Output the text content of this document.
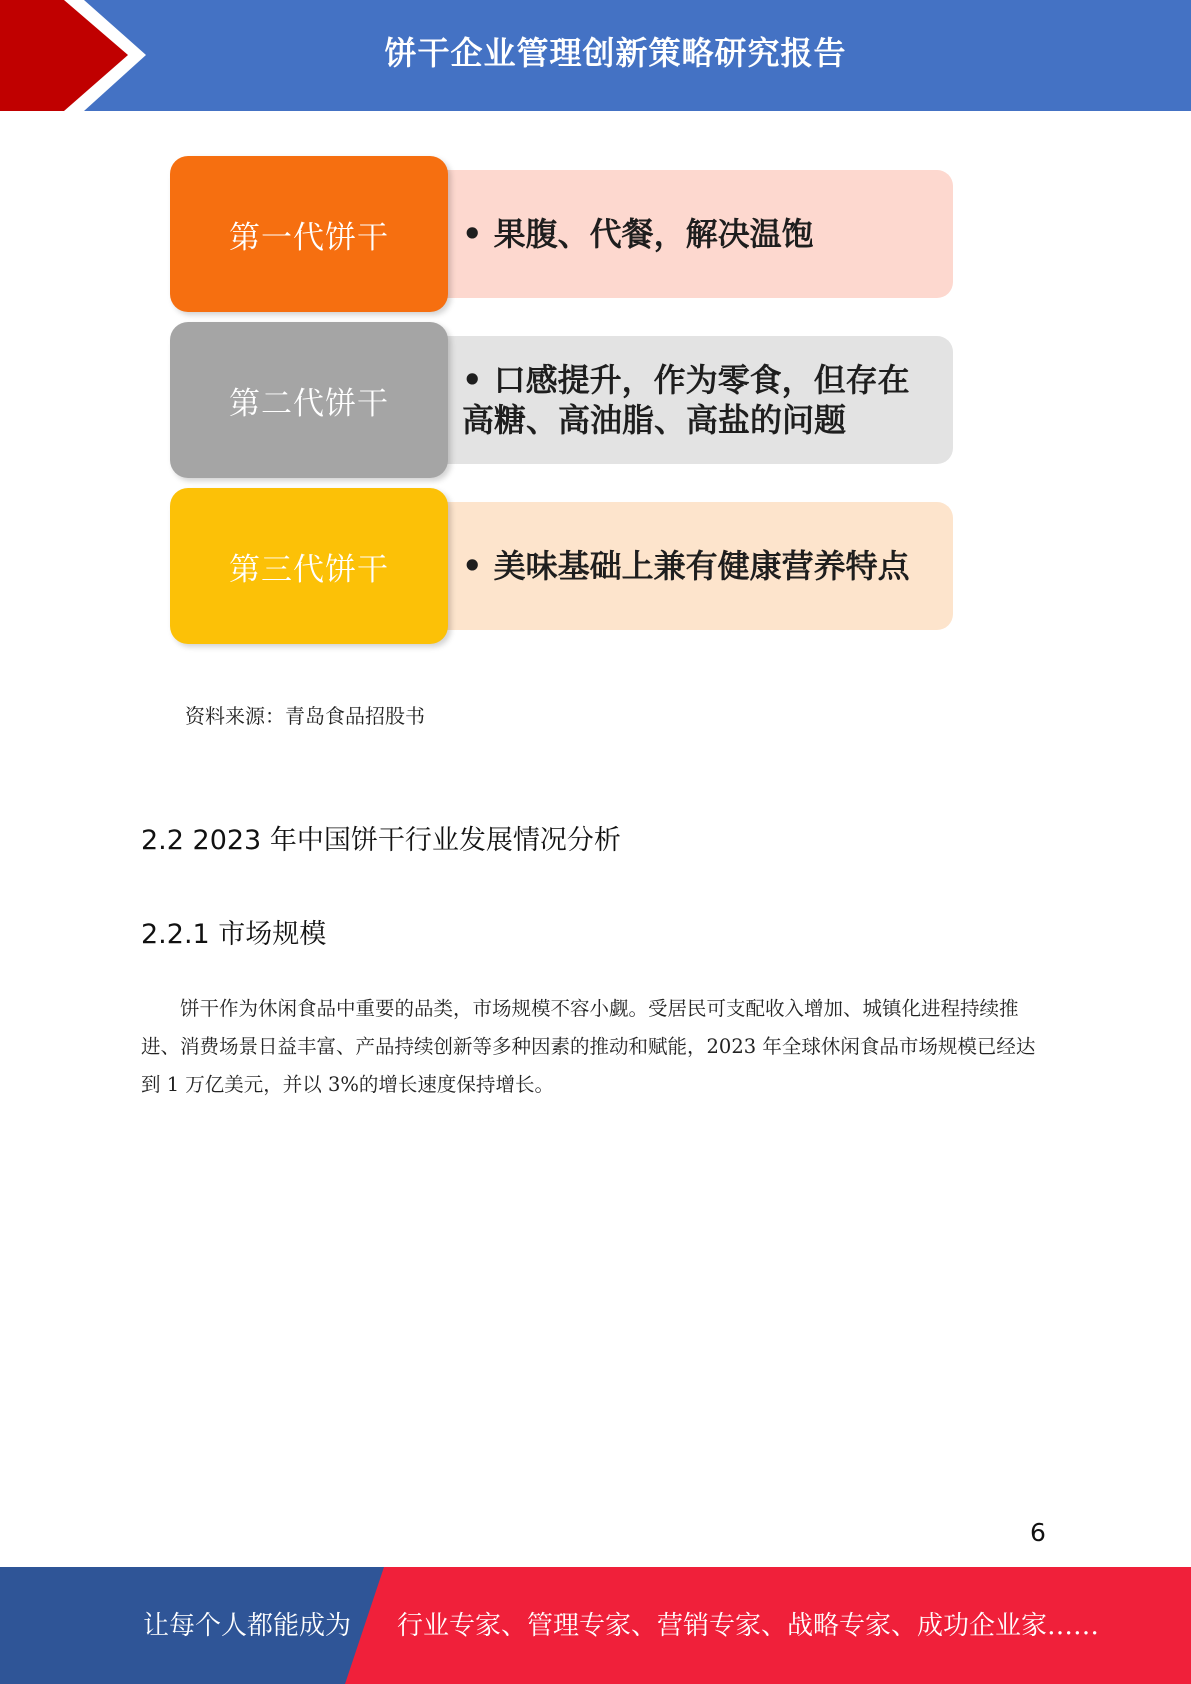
饼干企业管理创新策略研究报告
• 果腹、代餐，解决温饱
第一代饼干
• 口感提升，作为零食，但存在
高糖、高油脂、高盐的问题
第二代饼干
• 美味基础上兼有健康营养特点
第三代饼干
资料来源：青岛食品招股书
2.2 2023 年中国饼干行业发展情况分析
2.2.1 市场规模
饼干作为休闲食品中重要的品类，市场规模不容小觑。受居民可支配收入增加、城镇化进程持续推进、消费场景日益丰富、产品持续创新等多种因素的推动和赋能，2023 年全球休闲食品市场规模已经达到 1 万亿美元，并以 3%的增长速度保持增长。
6
让每个人都能成为 行业专家、管理专家、营销专家、战略专家、成功企业家……
